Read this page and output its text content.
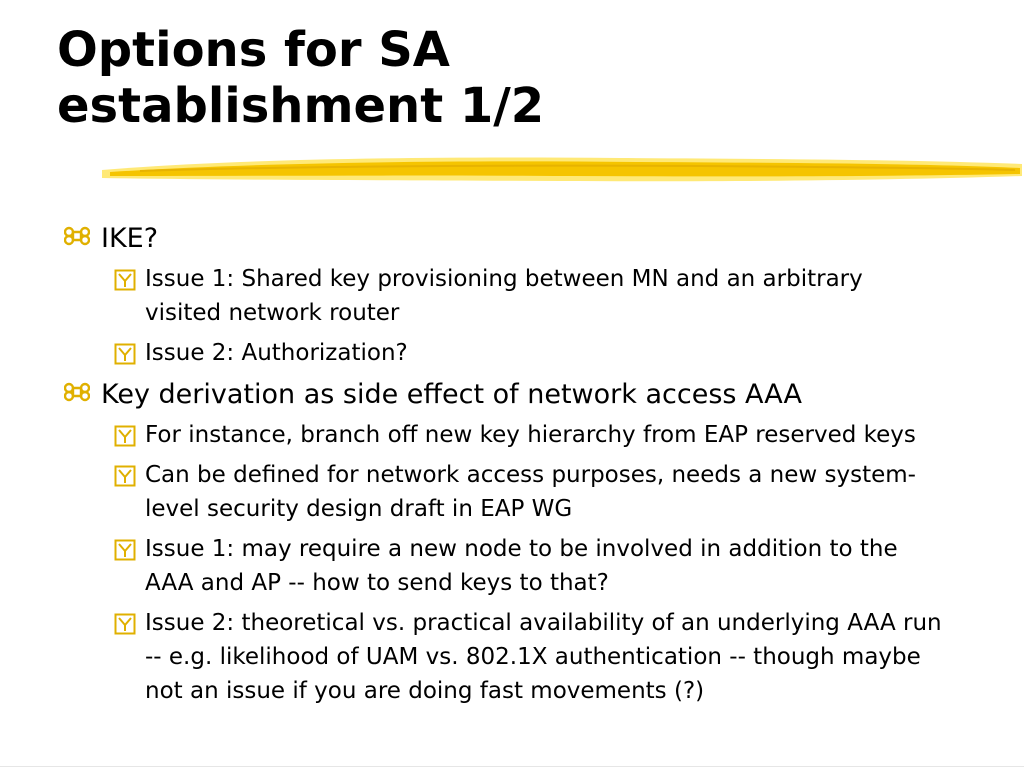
Options for SA
establishment 1/2
IKE?
Issue 1: Shared key provisioning between MN and an arbitrary visited network router
Issue 2: Authorization?
Key derivation as side effect of network access AAA
For instance, branch off new key hierarchy from EAP reserved keys
Can be defined for network access purposes, needs a new system-level security design draft in EAP WG
Issue 1: may require a new node to be involved in addition to the AAA and AP -- how to send keys to that?
Issue 2: theoretical vs. practical availability of an underlying AAA run -- e.g. likelihood of UAM vs. 802.1X authentication -- though maybe not an issue if you are doing fast movements (?)
